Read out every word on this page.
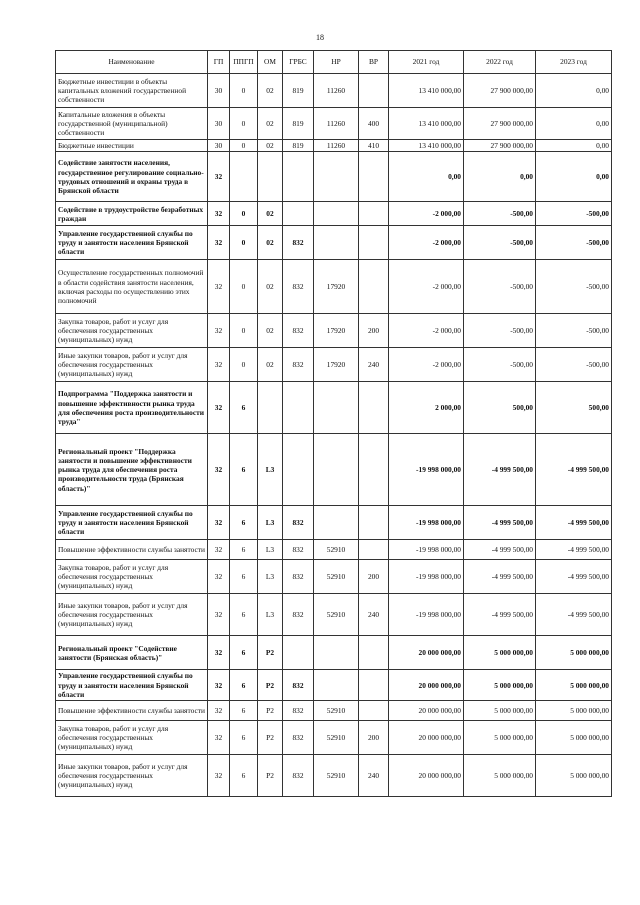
18
Наименование	ГП	ППГП	ОМ	ГРБС	НР	ВР	2021 год	2022 год	2023 год
Бюджетные инвестиции в объекты капитальных вложений государственной собственности	30	0	02	819	11260		13 410 000,00	27 900 000,00	0,00
Капитальные вложения в объекты государственной (муниципальной) собственности	30	0	02	819	11260	400	13 410 000,00	27 900 000,00	0,00
Бюджетные инвестиции	30	0	02	819	11260	410	13 410 000,00	27 900 000,00	0,00
Содействие занятости населения, государственное регулирование социально-трудовых отношений и охраны труда в Брянской области	32						0,00	0,00	0,00
Содействие в трудоустройстве безработных граждан	32	0	02				-2 000,00	-500,00	-500,00
Управление государственной службы по труду и занятости населения Брянской области	32	0	02	832			-2 000,00	-500,00	-500,00
Осуществление государственных полномочий в области содействия занятости населения, включая расходы по осуществлению этих полномочий	32	0	02	832	17920		-2 000,00	-500,00	-500,00
Закупка товаров, работ и услуг для обеспечения государственных (муниципальных) нужд	32	0	02	832	17920	200	-2 000,00	-500,00	-500,00
Иные закупки товаров, работ и услуг для обеспечения государственных (муниципальных) нужд	32	0	02	832	17920	240	-2 000,00	-500,00	-500,00
Подпрограмма "Поддержка занятости и повышение эффективности рынка труда для обеспечения роста производительности труда"	32	6					2 000,00	500,00	500,00
Региональный проект "Поддержка занятости и повышение эффективности рынка труда для обеспечения роста производительности труда (Брянская область)"	32	6	L3				-19 998 000,00	-4 999 500,00	-4 999 500,00
Управление государственной службы по труду и занятости населения Брянской области	32	6	L3	832			-19 998 000,00	-4 999 500,00	-4 999 500,00
Повышение эффективности службы занятости	32	6	L3	832	52910		-19 998 000,00	-4 999 500,00	-4 999 500,00
Закупка товаров, работ и услуг для обеспечения государственных (муниципальных) нужд	32	6	L3	832	52910	200	-19 998 000,00	-4 999 500,00	-4 999 500,00
Иные закупки товаров, работ и услуг для обеспечения государственных (муниципальных) нужд	32	6	L3	832	52910	240	-19 998 000,00	-4 999 500,00	-4 999 500,00
Региональный проект "Содействие занятости (Брянская область)"	32	6	P2				20 000 000,00	5 000 000,00	5 000 000,00
Управление государственной службы по труду и занятости населения Брянской области	32	6	P2	832			20 000 000,00	5 000 000,00	5 000 000,00
Повышение эффективности службы занятости	32	6	P2	832	52910		20 000 000,00	5 000 000,00	5 000 000,00
Закупка товаров, работ и услуг для обеспечения государственных (муниципальных) нужд	32	6	P2	832	52910	200	20 000 000,00	5 000 000,00	5 000 000,00
Иные закупки товаров, работ и услуг для обеспечения государственных (муниципальных) нужд	32	6	P2	832	52910	240	20 000 000,00	5 000 000,00	5 000 000,00
